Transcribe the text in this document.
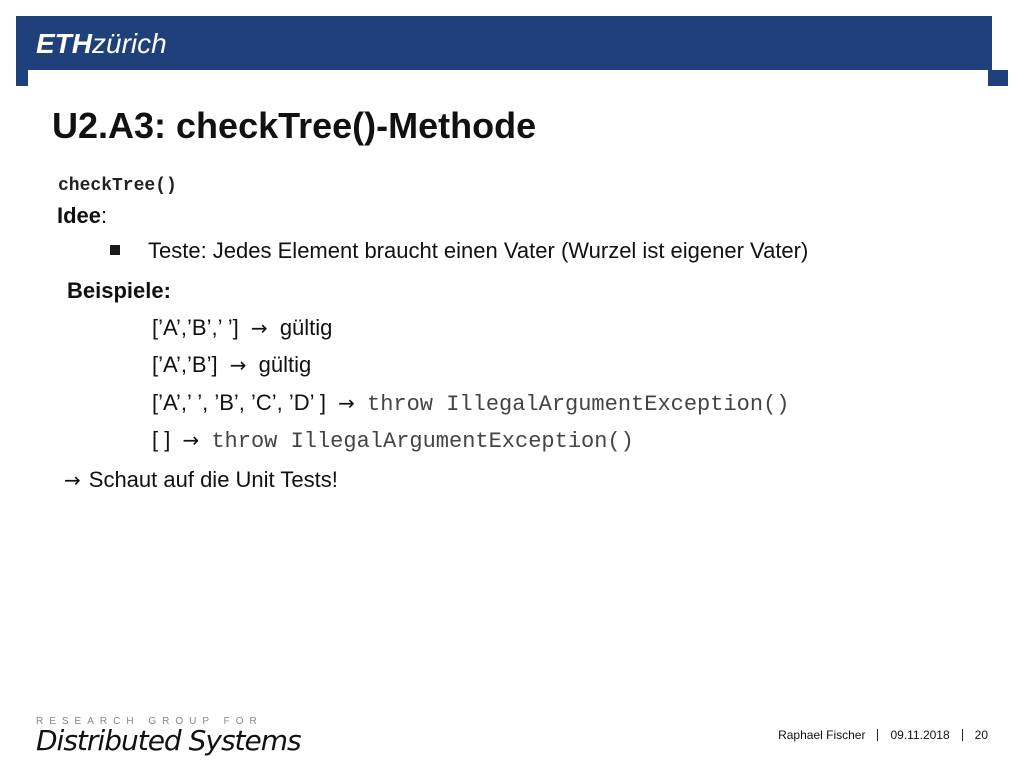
ETHzürich
U2.A3: checkTree()-Methode
checkTree()
Idee:
Teste: Jedes Element braucht einen Vater (Wurzel ist eigener Vater)
Beispiele:
[’A’,’B’,’ ’] → gültig
[’A’,’B’] → gültig
[’A’,’ ’, ’B’, ’C’, ’D’ ] → throw IllegalArgumentException()
[ ] → throw IllegalArgumentException()
→ Schaut auf die Unit Tests!
RESEARCH GROUP FOR
Distributed Systems	Raphael Fischer 09.11.2018 20
